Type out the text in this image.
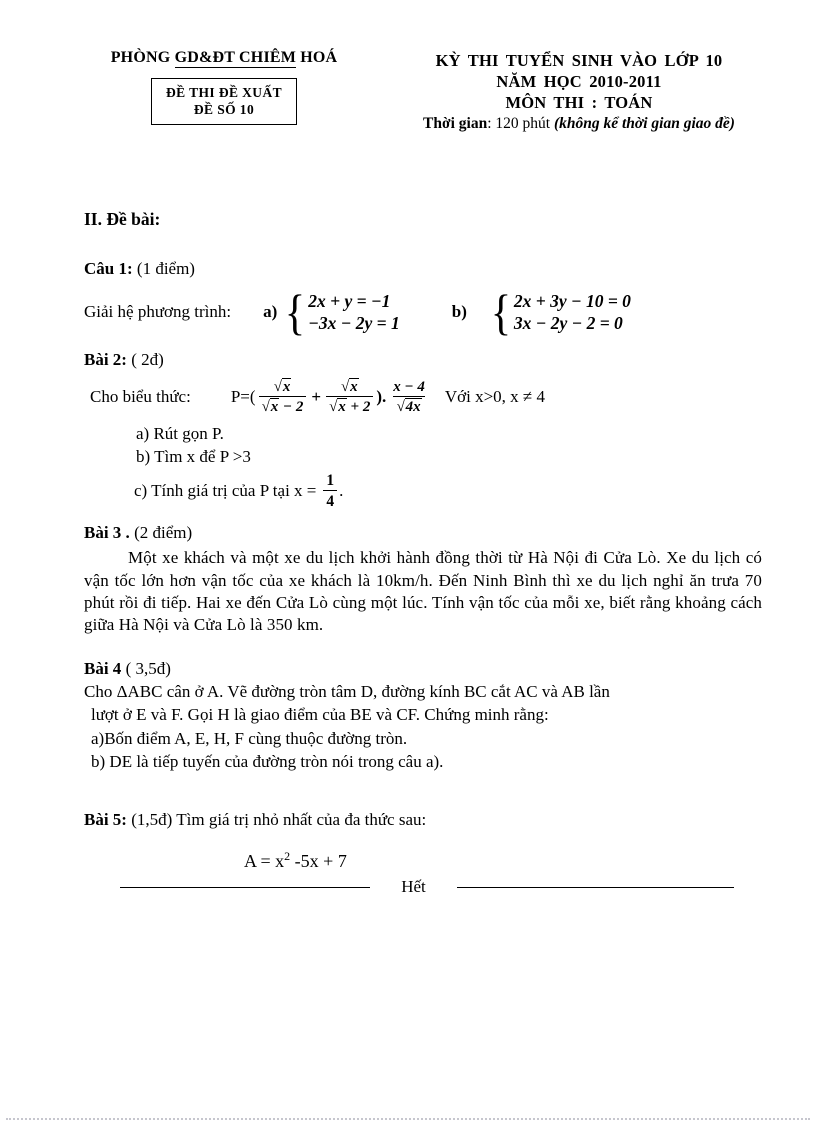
PHÒNG GD&ĐT CHIÊM HOÁ
ĐỀ THI ĐỀ XUẤT
ĐỀ SỐ 10
KỲ THI TUYỂN SINH VÀO LỚP 10
NĂM HỌC 2010-2011
MÔN THI : TOÁN
Thời gian: 120 phút (không kể thời gian giao đề)
II. Đề bài:
Câu 1: (1 điểm)
Giải hệ phương trình: a) { 2x + y = −1
−3x − 2y = 1
b) { 2x + 3y − 10 = 0
3x − 2y − 2 = 0
Bài 2: ( 2đ)
Cho biểu thức: $P=( \frac{√x}{√x - 2} + \frac{√x}{√x + 2}$ ). $\frac{x - 4}{√4x}$ Với x>0, x ≠ 4
a) Rút gọn P.
b) Tìm x để P >3
c) Tính giá trị của P tại $x = \frac{1}{4}$ .
Bài 3 . (2 điểm)
Một xe khách và một xe du lịch khởi hành đồng thời từ Hà Nội đi Cửa Lò. Xe du lịch có vận tốc lớn hơn vận tốc của xe khách là 10km/h. Đến Ninh Bình thì xe du lịch nghỉ ăn trưa 70 phút rồi đi tiếp. Hai xe đến Cửa Lò cùng một lúc. Tính vận tốc của mỗi xe, biết rằng khoảng cách giữa Hà Nội và Cửa Lò là 350 km.
Bài 4 ( 3,5đ)
Cho ΔABC cân ở A. Vẽ đường tròn tâm D, đường kính BC cắt AC và AB lần
lượt ở E và F. Gọi H là giao điểm của BE và CF. Chứng minh rằng:
a)Bốn điểm A, E, H, F cùng thuộc đường tròn.
b) DE là tiếp tuyến của đường tròn nói trong câu a).
Bài 5: (1,5đ) Tìm giá trị nhỏ nhất của đa thức sau:
$A = x^2$ -5x + 7
Hết
